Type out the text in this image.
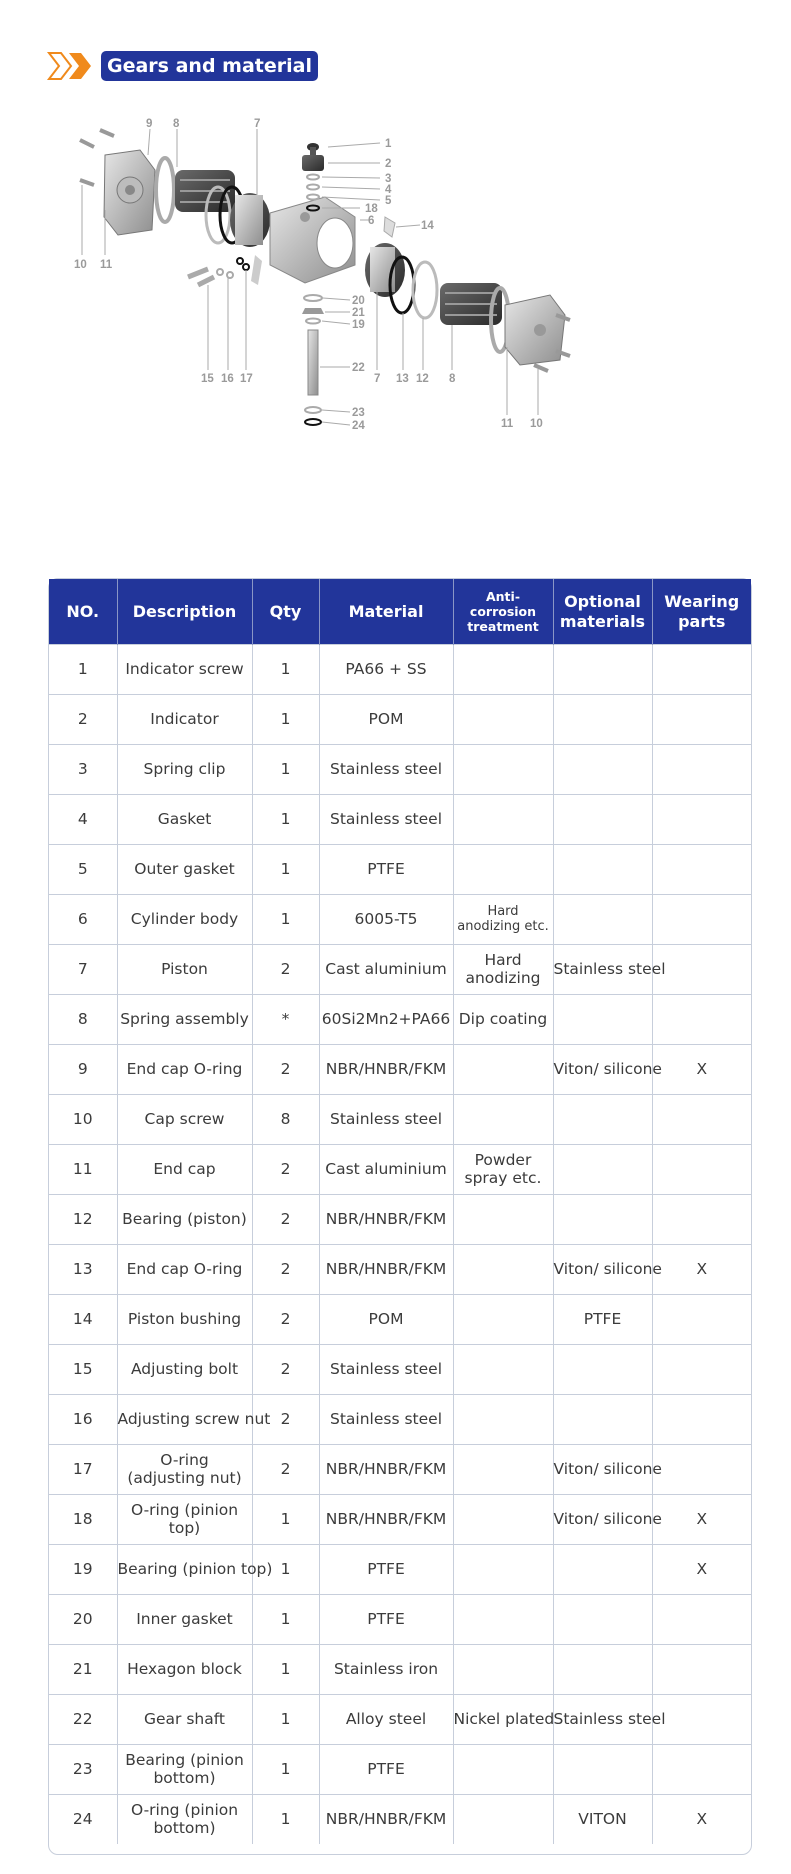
Gears and material
9 8	7
1
2
3
4
5
18
6	14
10 11
20
21
19
22
15 16 17	7 13 12 8
23
24	11 10
NO.	Description	Qty	Material	Anti-corrosion treatment	Optional materials	Wearing parts
1	Indicator screw	1	PA66 + SS			
2	Indicator	1	POM			
3	Spring clip	1	Stainless steel			
4	Gasket	1	Stainless steel			
5	Outer gasket	1	PTFE			
6	Cylinder body	1	6005-T5	Hard anodizing etc.		
7	Piston	2	Cast aluminium	Hard anodizing	Stainless steel	
8	Spring assembly	*	60Si2Mn2+PA66	Dip coating		
9	End cap O-ring	2	NBR/HNBR/FKM		Viton/ silicone	X
10	Cap screw	8	Stainless steel			
11	End cap	2	Cast aluminium	Powder spray etc.		
12	Bearing (piston)	2	NBR/HNBR/FKM			
13	End cap O-ring	2	NBR/HNBR/FKM		Viton/ silicone	X
14	Piston bushing	2	POM		PTFE	
15	Adjusting bolt	2	Stainless steel			
16	Adjusting screw nut	2	Stainless steel			
17	O-ring (adjusting nut)	2	NBR/HNBR/FKM		Viton/ silicone	
18	O-ring (pinion top)	1	NBR/HNBR/FKM		Viton/ silicone	X
19	Bearing (pinion top)	1	PTFE			X
20	Inner gasket	1	PTFE			
21	Hexagon block	1	Stainless iron			
22	Gear shaft	1	Alloy steel	Nickel plated	Stainless steel	
23	Bearing (pinion bottom)	1	PTFE			
24	O-ring (pinion bottom)	1	NBR/HNBR/FKM		VITON	X
